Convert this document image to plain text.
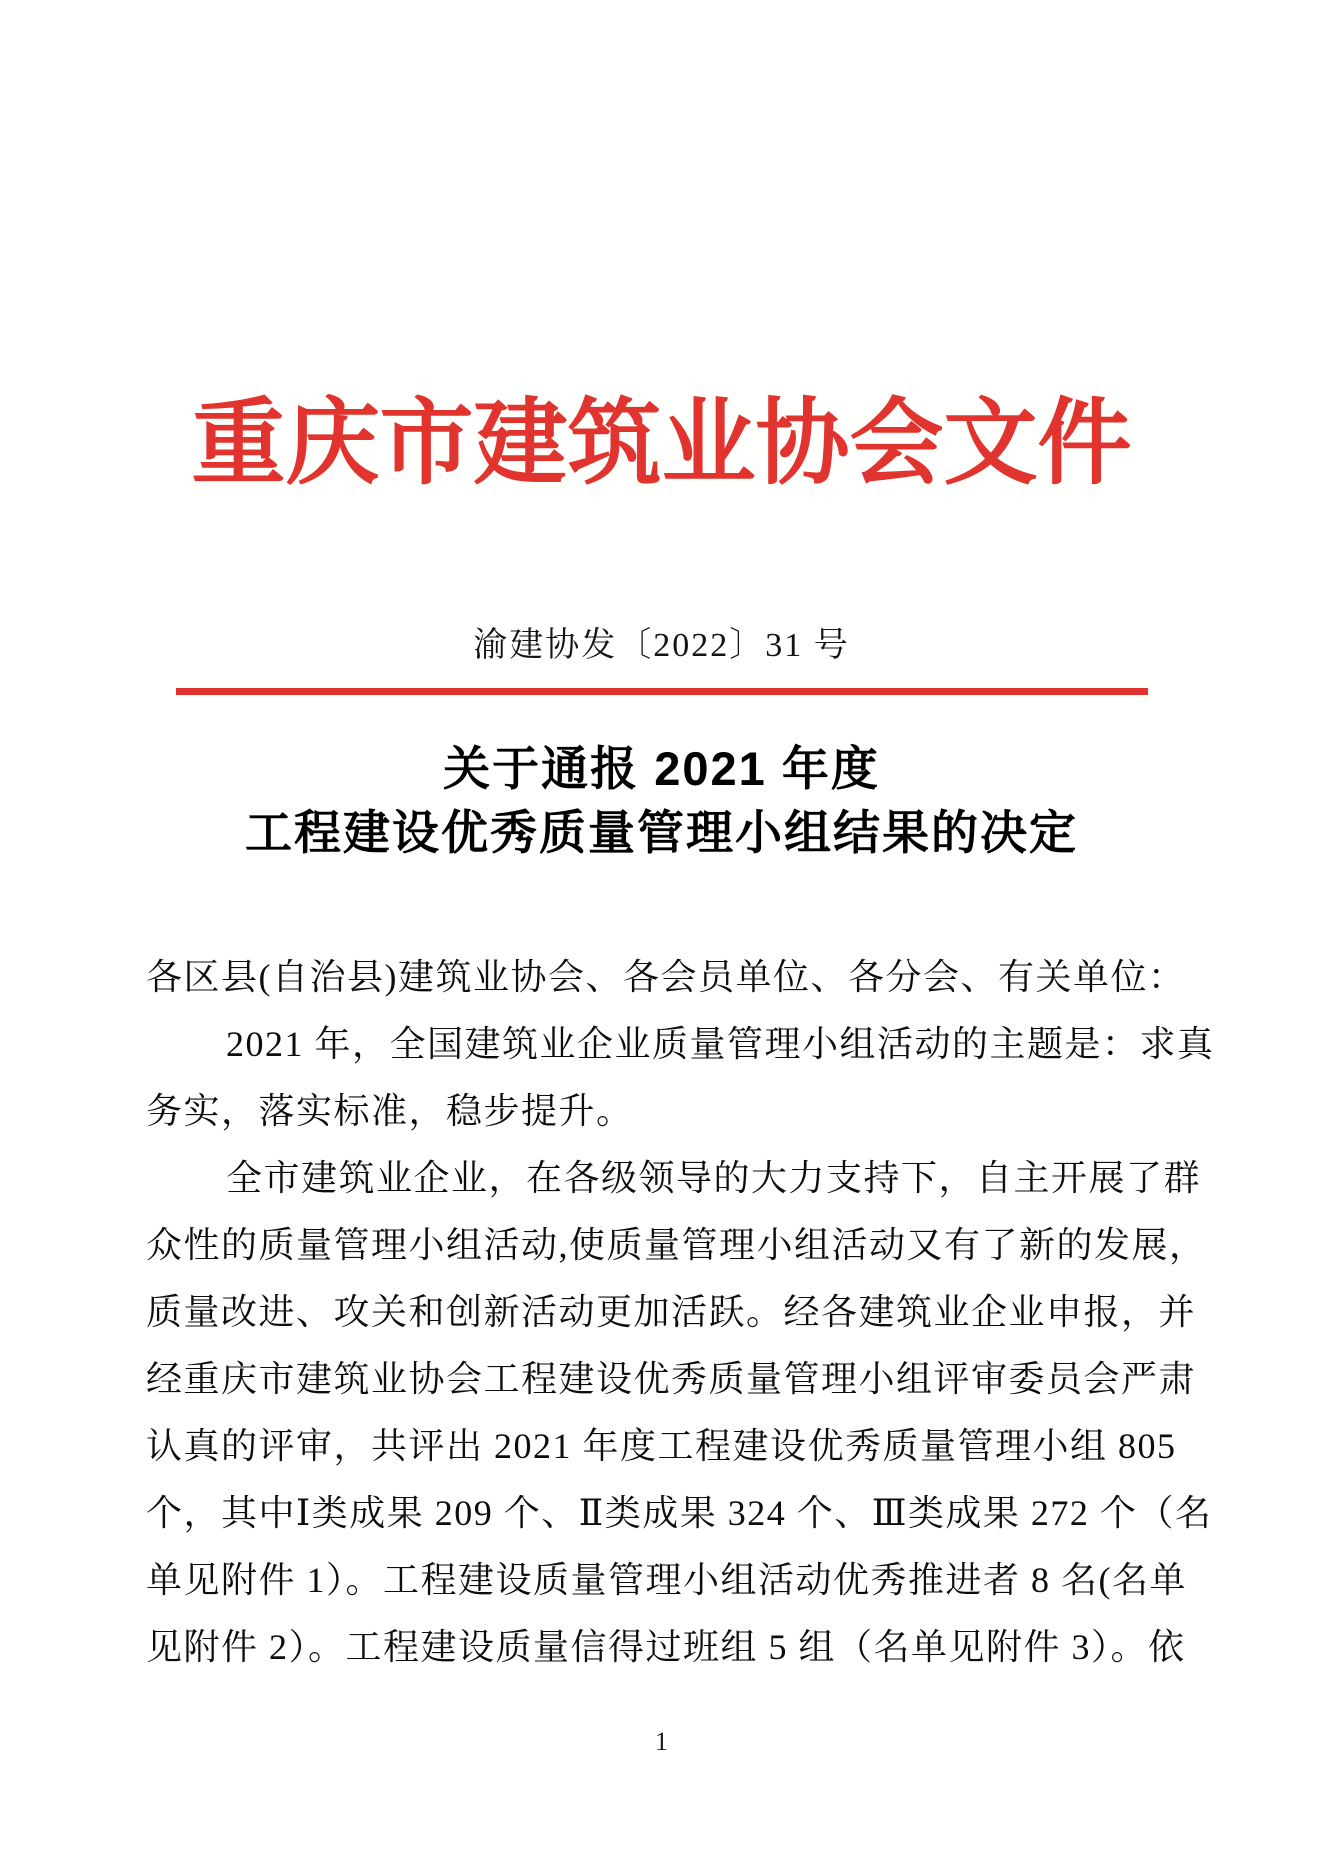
重庆市建筑业协会文件
渝建协发〔2022〕31 号
关于通报 2021 年度
工程建设优秀质量管理小组结果的决定
各区县(自治县)建筑业协会、各会员单位、各分会、有关单位：
2021 年，全国建筑业企业质量管理小组活动的主题是：求真
务实，落实标准，稳步提升。
全市建筑业企业，在各级领导的大力支持下，自主开展了群
众性的质量管理小组活动,使质量管理小组活动又有了新的发展，
质量改进、攻关和创新活动更加活跃。经各建筑业企业申报，并
经重庆市建筑业协会工程建设优秀质量管理小组评审委员会严肃
认真的评审，共评出 2021 年度工程建设优秀质量管理小组 805
个，其中Ⅰ类成果 209 个、Ⅱ类成果 324 个、Ⅲ类成果 272 个（名
单见附件 1）。工程建设质量管理小组活动优秀推进者 8 名(名单
见附件 2）。工程建设质量信得过班组 5 组（名单见附件 3）。依
1
